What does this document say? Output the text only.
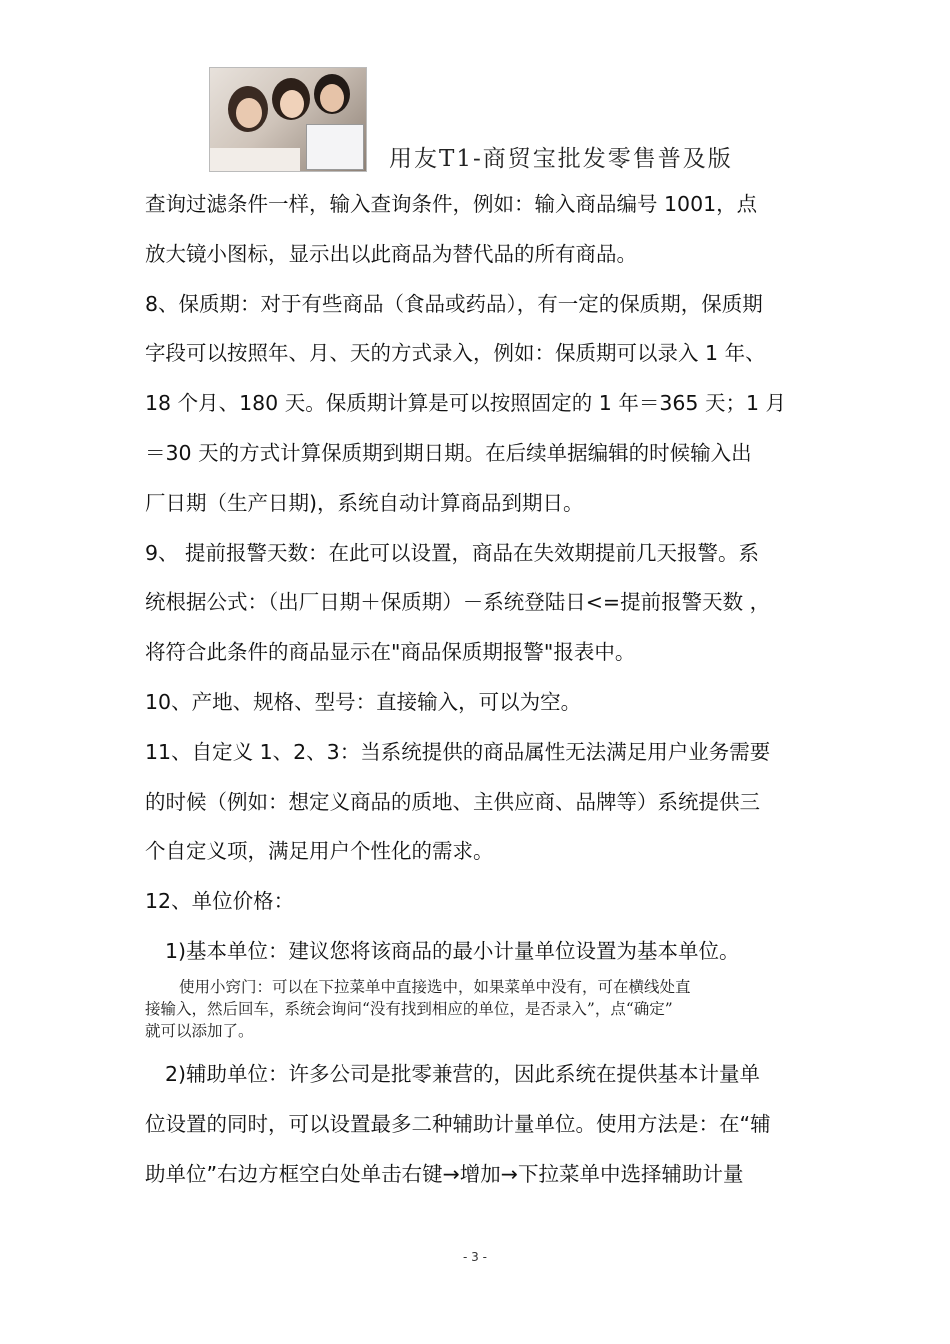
用友T1-商贸宝批发零售普及版

查询过滤条件一样，输入查询条件，例如：输入商品编号 1001，点

放大镜小图标，显示出以此商品为替代品的所有商品。

8、保质期：对于有些商品（食品或药品），有一定的保质期，保质期

字段可以按照年、月、天的方式录入，例如：保质期可以录入 1 年、

18 个月、180 天。保质期计算是可以按照固定的 1 年＝365 天；1 月

＝30 天的方式计算保质期到期日期。在后续单据编辑的时候输入出

厂日期（生产日期)，系统自动计算商品到期日。

9、 提前报警天数：在此可以设置，商品在失效期提前几天报警。系

统根据公式：（出厂日期＋保质期）－系统登陆日<=提前报警天数 ，

将符合此条件的商品显示在"商品保质期报警"报表中。

10、产地、规格、型号：直接输入，可以为空。

11、自定义 1、2、3：当系统提供的商品属性无法满足用户业务需要

的时候（例如：想定义商品的质地、主供应商、品牌等）系统提供三

个自定义项，满足用户个性化的需求。

12、单位价格：

1)基本单位：建议您将该商品的最小计量单位设置为基本单位。

使用小窍门：可以在下拉菜单中直接选中，如果菜单中没有，可在横线处直

接输入，然后回车，系统会询问“没有找到相应的单位，是否录入”，点“确定”

就可以添加了。

2)辅助单位：许多公司是批零兼营的，因此系统在提供基本计量单

位设置的同时，可以设置最多二种辅助计量单位。使用方法是：在“辅

助单位”右边方框空白处单击右键→增加→下拉菜单中选择辅助计量

- 3 -
